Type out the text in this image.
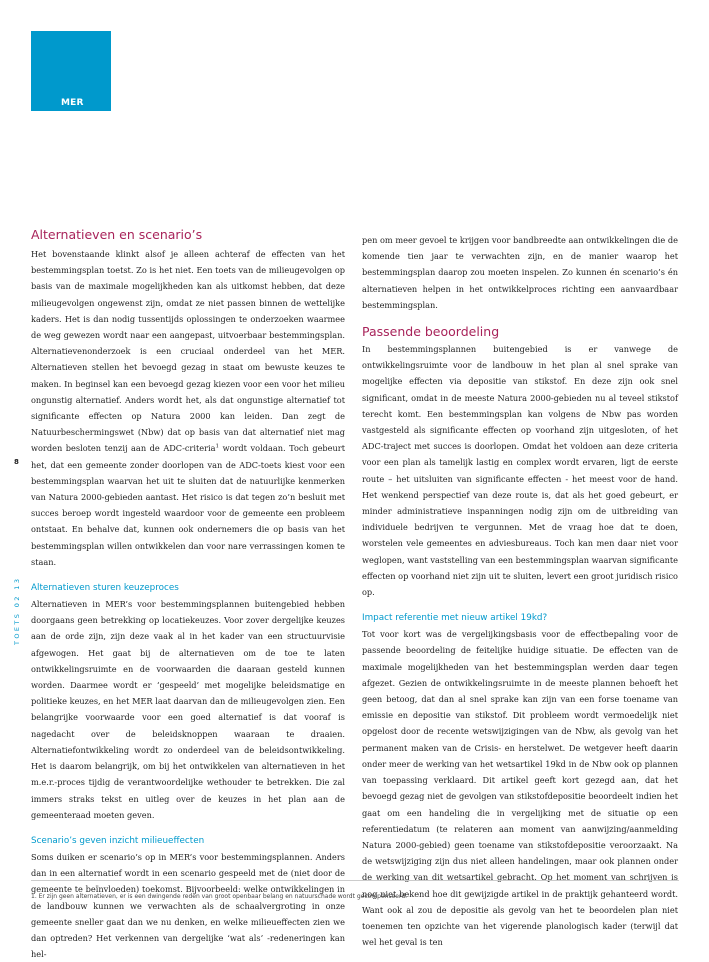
MER
8
TOETS 02 13
Alternatieven en scenario’s

Het bovenstaande klinkt alsof je alleen achteraf de effecten van het bestemmingsplan toetst. Zo is het niet. Een toets van de milieugevolgen op basis van de maximale mogelijkheden kan als uitkomst hebben, dat deze milieugevolgen ongewenst zijn, omdat ze niet passen binnen de wettelijke kaders. Het is dan nodig tussentijds oplossingen te onderzoeken waarmee de weg gewezen wordt naar een aangepast, uitvoerbaar bestemmingsplan. Alternatievenonderzoek is een cruciaal onderdeel van het MER. Alternatieven stellen het bevoegd gezag in staat om bewuste keuzes te maken. In beginsel kan een bevoegd gezag kiezen voor een voor het milieu ongunstig alternatief. Anders wordt het, als dat ongunstige alternatief tot significante effecten op Natura 2000 kan leiden. Dan zegt de Natuurbeschermingswet (Nbw) dat op basis van dat alternatief niet mag worden besloten tenzij aan de ADC-criteria$^1$ wordt voldaan. Toch gebeurt het, dat een gemeente zonder doorlopen van de ADC-toets kiest voor een bestemmingsplan waarvan het uit te sluiten dat de natuurlijke kenmerken van Natura 2000-gebieden aantast. Het risico is dat tegen zo’n besluit met succes beroep wordt ingesteld waardoor voor de gemeente een probleem ontstaat. En behalve dat, kunnen ook ondernemers die op basis van het bestemmingsplan willen ontwikkelen dan voor nare verrassingen komen te staan.

Alternatieven sturen keuzeproces

Alternatieven in MER’s voor bestemmingsplannen buitengebied hebben doorgaans geen betrekking op locatiekeuzes. Voor zover dergelijke keuzes aan de orde zijn, zijn deze vaak al in het kader van een structuurvisie afgewogen. Het gaat bij de alternatieven om de toe te laten ontwikkelingsruimte en de voorwaarden die daaraan gesteld kunnen worden. Daarmee wordt er ‘gespeeld’ met mogelijke beleidsmatige en politieke keuzes, en het MER laat daarvan dan de milieugevolgen zien. Een belangrijke voorwaarde voor een goed alternatief is dat vooraf is nagedacht over de beleidsknoppen waaraan te draaien. Alternatiefontwikkeling wordt zo onderdeel van de beleidsontwikkeling. Het is daarom belangrijk, om bij het ontwikkelen van alternatieven in het m.e.r.-proces tijdig de verantwoordelijke wethouder te betrekken. Die zal immers straks tekst en uitleg over de keuzes in het plan aan de gemeenteraad moeten geven.

Scenario’s geven inzicht milieueffecten

Soms duiken er scenario’s op in MER’s voor bestemmingsplannen. Anders dan in een alternatief wordt in een scenario gespeeld met de (niet door de gemeente te beïnvloeden) toekomst. Bijvoorbeeld: welke ontwikkelingen in de landbouw kunnen we verwachten als de schaalvergroting in onze gemeente sneller gaat dan we nu denken, en welke milieueffecten zien we dan optreden? Het verkennen van dergelijke ‘wat als’ -redeneringen kan hel-

pen om meer gevoel te krijgen voor bandbreedte aan ontwikkelingen die de komende tien jaar te verwachten zijn, en de manier waarop het bestemmingsplan daarop zou moeten inspelen. Zo kunnen én scenario’s én alternatieven helpen in het ontwikkelproces richting een aanvaardbaar bestemmingsplan.

Passende beoordeling

In bestemmingsplannen buitengebied is er vanwege de ontwikkelingsruimte voor de landbouw in het plan al snel sprake van mogelijke effecten via depositie van stikstof. En deze zijn ook snel significant, omdat in de meeste Natura 2000-gebieden nu al teveel stikstof terecht komt. Een bestemmingsplan kan volgens de Nbw pas worden vastgesteld als significante effecten op voorhand zijn uitgesloten, of het ADC-traject met succes is doorlopen. Omdat het voldoen aan deze criteria voor een plan als tamelijk lastig en complex wordt ervaren, ligt de eerste route – het uitsluiten van significante effecten - het meest voor de hand. Het wenkend perspectief van deze route is, dat als het goed gebeurt, er minder administratieve inspanningen nodig zijn om de uitbreiding van individuele bedrijven te vergunnen. Met de vraag hoe dat te doen, worstelen vele gemeentes en adviesbureaus. Toch kan men daar niet voor weglopen, want vaststelling van een bestemmingsplan waarvan significante effecten op voorhand niet zijn uit te sluiten, levert een groot juridisch risico op.

Impact referentie met nieuw artikel 19kd?

Tot voor kort was de vergelijkingsbasis voor de effectbepaling voor de passende beoordeling de feitelijke huidige situatie. De effecten van de maximale mogelijkheden van het bestemmingsplan werden daar tegen afgezet. Gezien de ontwikkelingsruimte in de meeste plannen behoeft het geen betoog, dat dan al snel sprake kan zijn van een forse toename van emissie en depositie van stikstof. Dit probleem wordt vermoedelijk niet opgelost door de recente wetswijzigingen van de Nbw, als gevolg van het permanent maken van de Crisis- en herstelwet. De wetgever heeft daarin onder meer de werking van het wetsartikel 19kd in de Nbw ook op plannen van toepassing verklaard. Dit artikel geeft kort gezegd aan, dat het bevoegd gezag niet de gevolgen van stikstofdepositie beoordeelt indien het gaat om een handeling die in vergelijking met de situatie op een referentiedatum (te relateren aan moment van aanwijzing/aanmelding Natura 2000-gebied) geen toename van stikstofdepositie veroorzaakt. Na de wetswijziging zijn dus niet alleen handelingen, maar ook plannen onder de werking van dit wetsartikel gebracht. Op het moment van schrijven is nog niet bekend hoe dit gewijzigde artikel in de praktijk gehanteerd wordt. Want ook al zou de depositie als gevolg van het te beoordelen plan niet toenemen ten opzichte van het vigerende planologisch kader (terwijl dat wel het geval is ten

1. Er zijn geen alternatieven, er is een dwingende reden van groot openbaar belang en natuurschade wordt gecompenseerd.
